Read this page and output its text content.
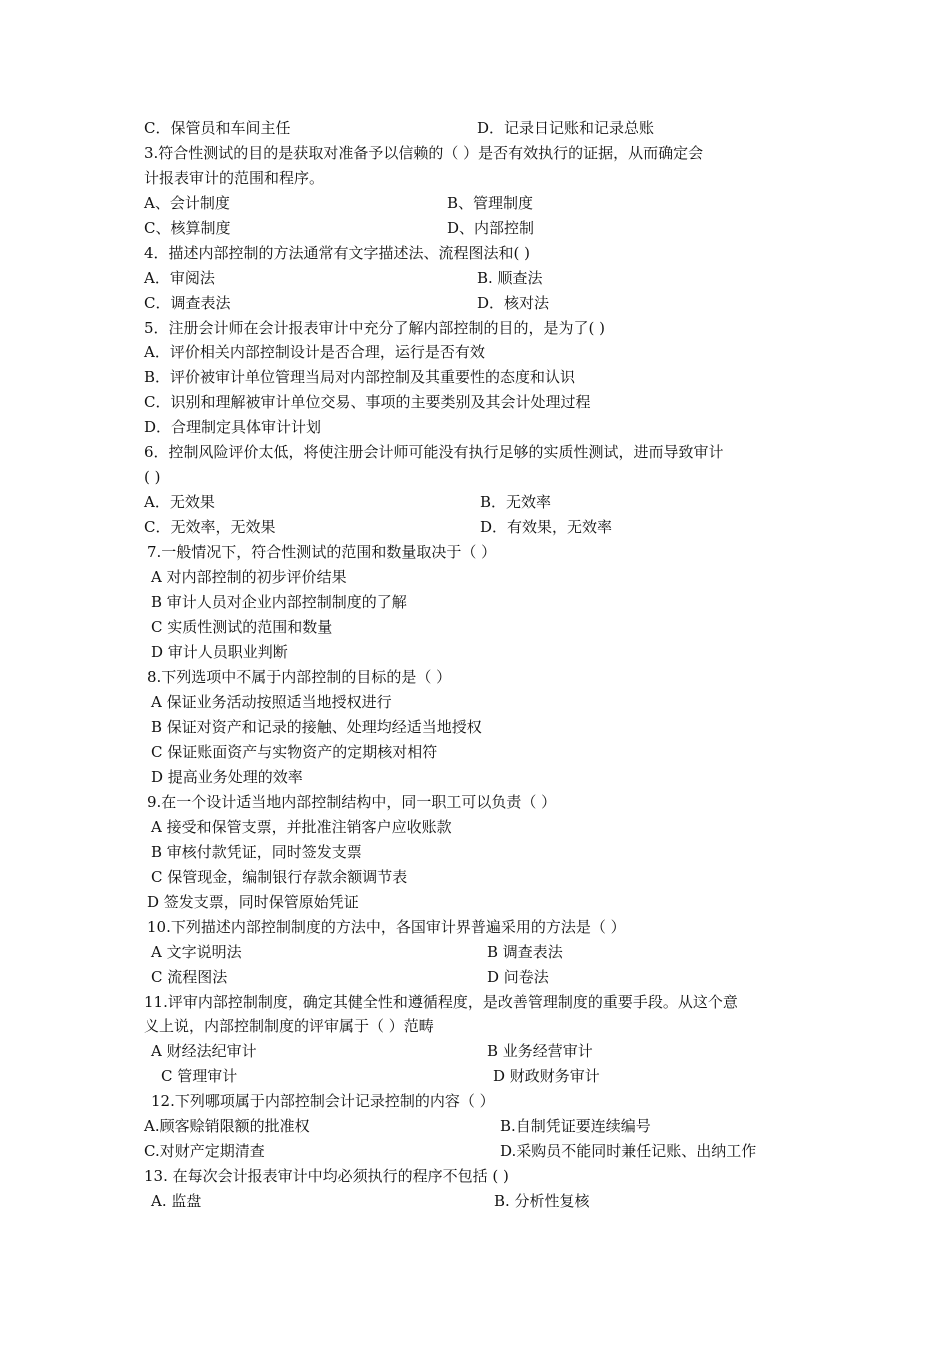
C．保管员和车间主任	D．记录日记账和记录总账
3.符合性测试的目的是获取对准备予以信赖的（ ）是否有效执行的证据，从而确定会
计报表审计的范围和程序。
A、会计制度	B、管理制度
C、核算制度	D、内部控制
4．描述内部控制的方法通常有文字描述法、流程图法和( )
A．审阅法	B. 顺查法
C．调查表法	D．核对法
5．注册会计师在会计报表审计中充分了解内部控制的目的，是为了( )
A．评价相关内部控制设计是否合理，运行是否有效
B．评价被审计单位管理当局对内部控制及其重要性的态度和认识
C．识别和理解被审计单位交易、事项的主要类别及其会计处理过程
D．合理制定具体审计计划
6．控制风险评价太低，将使注册会计师可能没有执行足够的实质性测试，进而导致审计
( )
A．无效果	B．无效率
C．无效率，无效果	D．有效果，无效率
7.一般情况下，符合性测试的范围和数量取决于（ ）
A 对内部控制的初步评价结果
B 审计人员对企业内部控制制度的了解
C 实质性测试的范围和数量
D 审计人员职业判断
8.下列选项中不属于内部控制的目标的是（ ）
A 保证业务活动按照适当地授权进行
B 保证对资产和记录的接触、处理均经适当地授权
C 保证账面资产与实物资产的定期核对相符
D 提高业务处理的效率
9.在一个设计适当地内部控制结构中，同一职工可以负责（ ）
A 接受和保管支票，并批准注销客户应收账款
B 审核付款凭证，同时签发支票
C 保管现金，编制银行存款余额调节表
D 签发支票，同时保管原始凭证
10.下列描述内部控制制度的方法中，各国审计界普遍采用的方法是（ ）
A 文字说明法	B 调查表法
C 流程图法	D 问卷法
11.评审内部控制制度，确定其健全性和遵循程度，是改善管理制度的重要手段。从这个意
义上说，内部控制制度的评审属于（ ）范畴
A 财经法纪审计	B 业务经营审计
C 管理审计	D 财政财务审计
12.下列哪项属于内部控制会计记录控制的内容（ ）
A.顾客赊销限额的批准权	B.自制凭证要连续编号
C.对财产定期清查	D.采购员不能同时兼任记账、出纳工作
13. 在每次会计报表审计中均必须执行的程序不包括 ( )
A. 监盘	B. 分析性复核
